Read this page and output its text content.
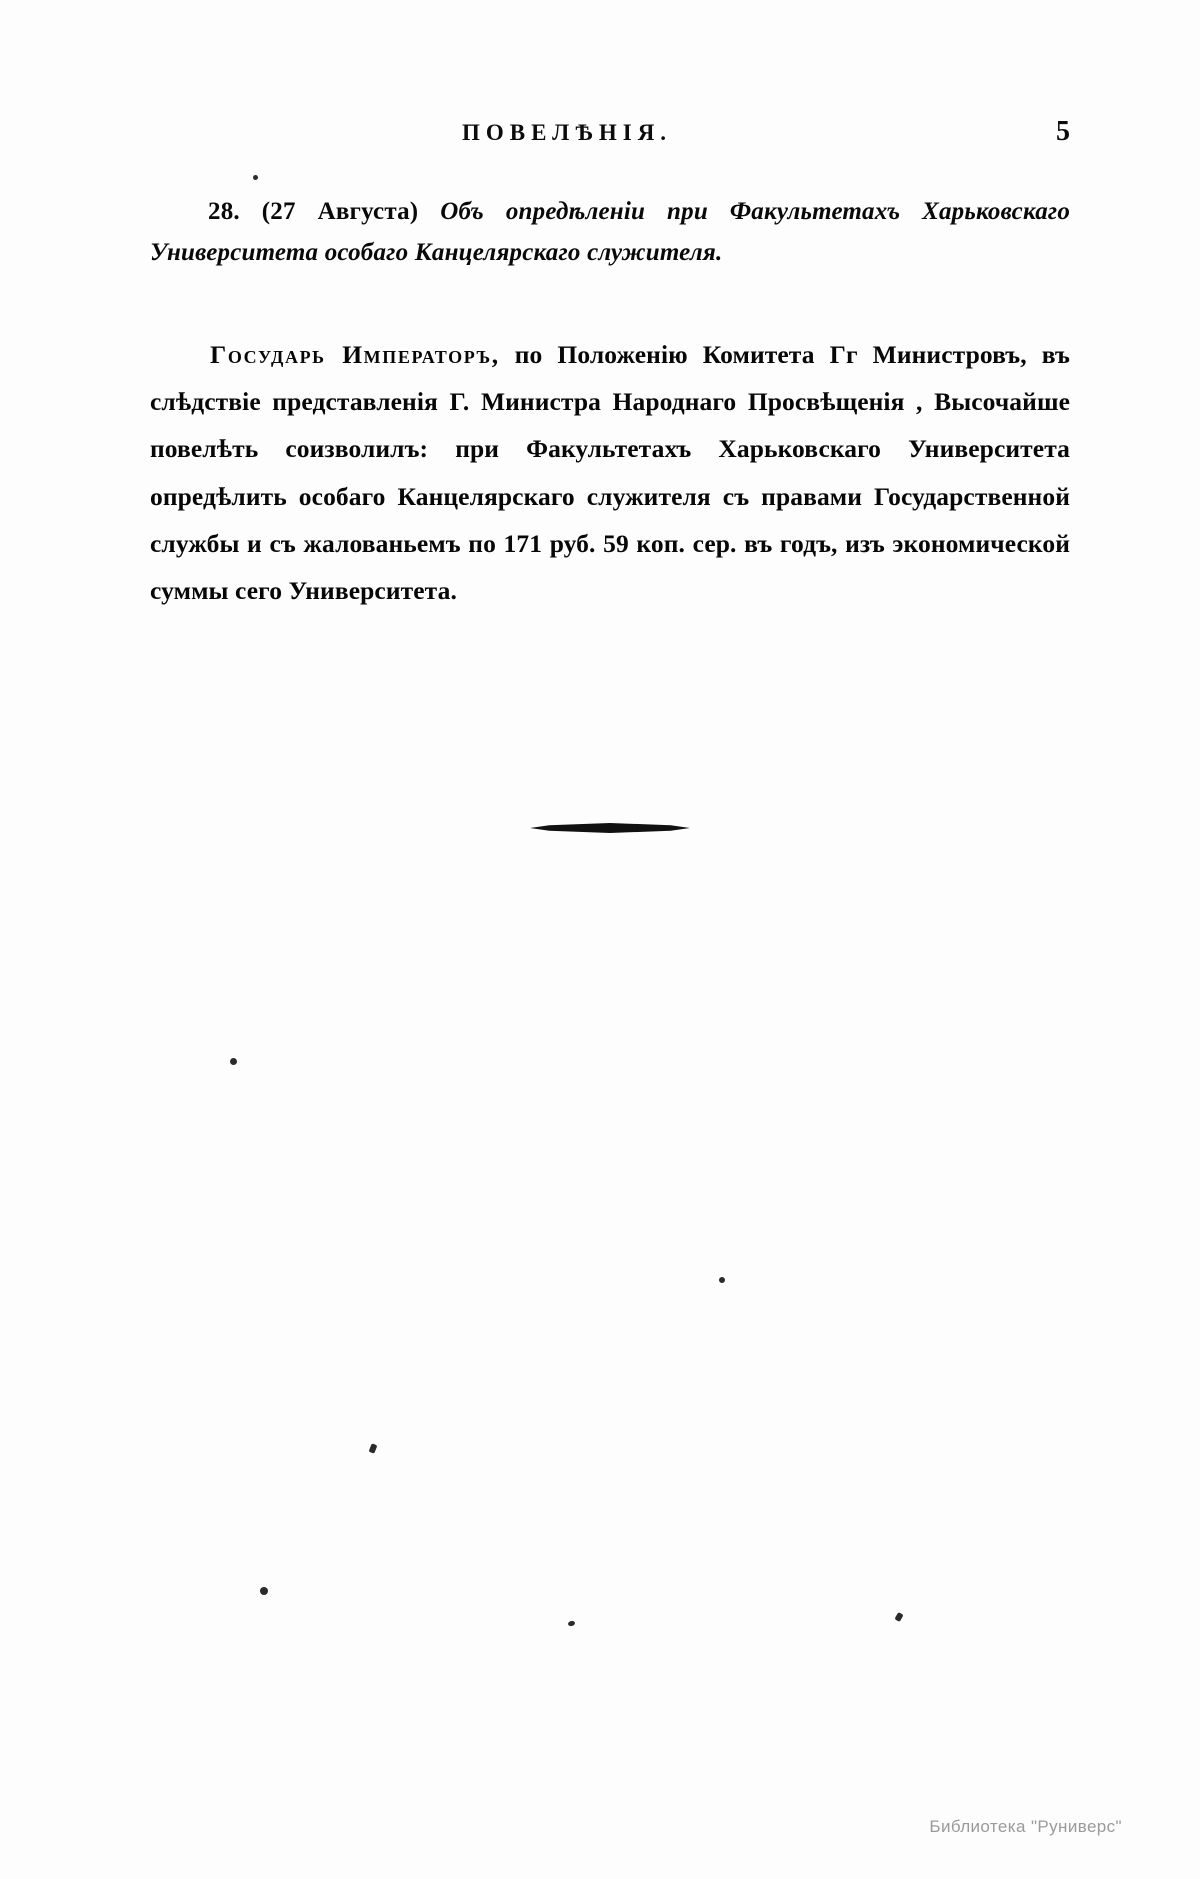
ПОВЕЛѢНІЯ.	5
28. (27 Августа) Объ опредѣленіи при Факультетахъ Харьковскаго Университета особаго Канцелярскаго служителя.
Государь Императоръ, по Положенію Комитета Гг Министровъ, въ слѣдствіе представленія Г. Министра Народнаго Просвѣщенія , Высочайше повелѣть соизволилъ: при Факультетахъ Харьковскаго Университета опредѣлить особаго Канцелярскаго служителя съ правами Государственной службы и съ жалованьемъ по 171 руб. 59 коп. сер. въ годъ, изъ экономической суммы сего Университета.
Библиотека "Руниверс"
